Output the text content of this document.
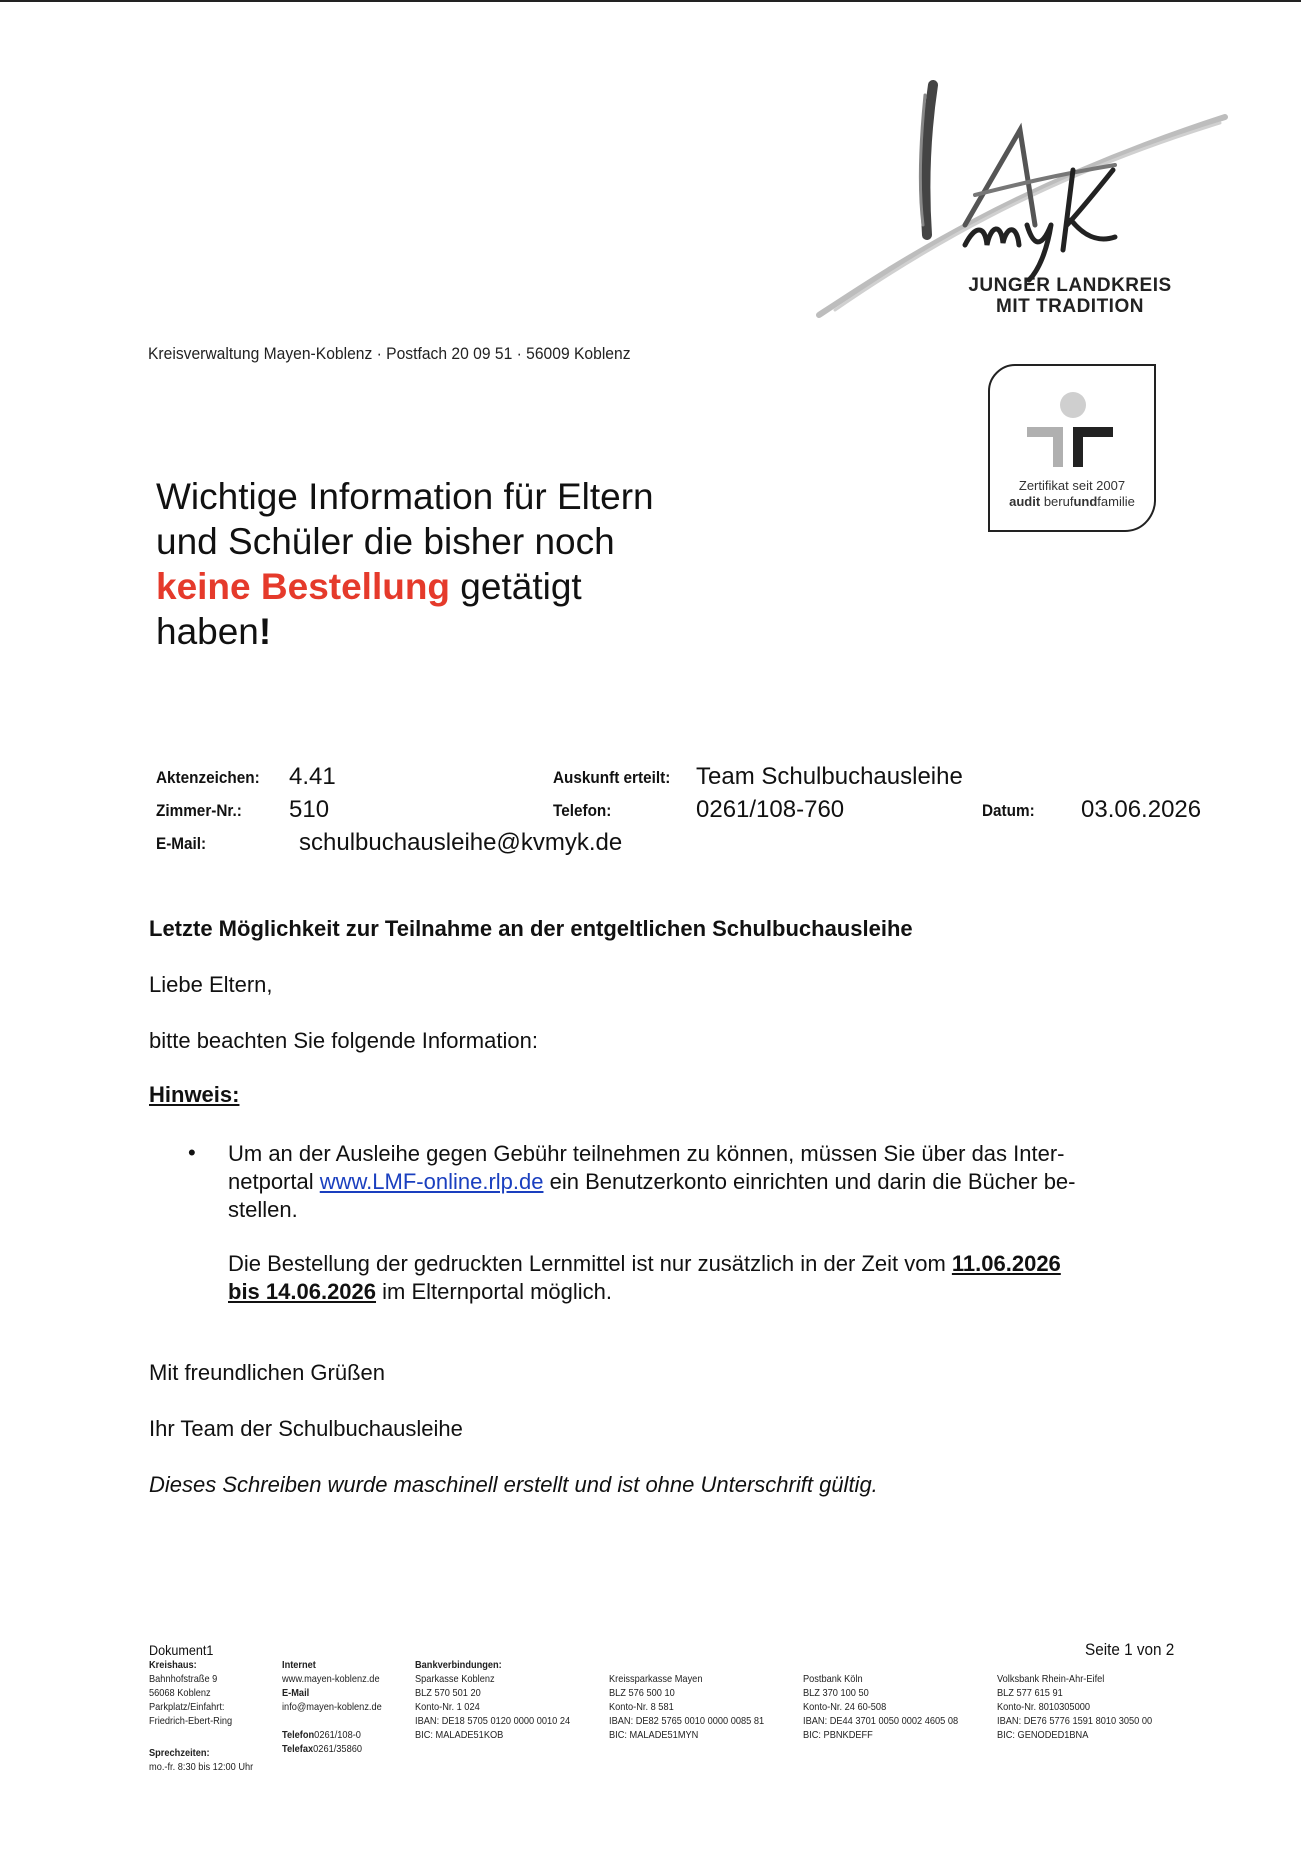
JUNGER LANDKREIS
MIT TRADITION
Zertifikat seit 2007
audit berufundfamilie
Kreisverwaltung Mayen-Koblenz · Postfach 20 09 51 · 56009 Koblenz
Wichtige Information für Eltern
und Schüler die bisher noch
keine Bestellung getätigt
haben!
Aktenzeichen: 4.41	Auskunft erteilt: Team Schulbuchausleihe
Zimmer-Nr.: 510	Telefon:	0261/108-760	Datum: 03.06.2026
E-Mail:	schulbuchausleihe@kvmyk.de
Letzte Möglichkeit zur Teilnahme an der entgeltlichen Schulbuchausleihe
Liebe Eltern,
bitte beachten Sie folgende Information:
Hinweis:
• Um an der Ausleihe gegen Gebühr teilnehmen zu können, müssen Sie über das Inter-
netportal www.LMF-online.rlp.de ein Benutzerkonto einrichten und darin die Bücher be-
stellen.
Die Bestellung der gedruckten Lernmittel ist nur zusätzlich in der Zeit vom 11.06.2026
bis 14.06.2026 im Elternportal möglich.
Mit freundlichen Grüßen
Ihr Team der Schulbuchausleihe
Dieses Schreiben wurde maschinell erstellt und ist ohne Unterschrift gültig.
Dokument1	Seite 1 von 2
Kreishaus:
Bahnhofstraße 9
56068 Koblenz
Parkplatz/Einfahrt:
Friedrich-Ebert-Ring
Sprechzeiten:
mo.-fr. 8:30 bis 12:00 Uhr
Internet
www.mayen-koblenz.de
E-Mail
info@mayen-koblenz.de

Telefon0261/108-0
Telefax0261/35860
Bankverbindungen:
Sparkasse Koblenz
BLZ 570 501 20
Konto-Nr. 1 024
IBAN: DE18 5705 0120 0000 0010 24
BIC: MALADE51KOB
Kreissparkasse Mayen
BLZ 576 500 10
Konto-Nr. 8 581
IBAN: DE82 5765 0010 0000 0085 81
BIC: MALADE51MYN
Postbank Köln
BLZ 370 100 50
Konto-Nr. 24 60-508
IBAN: DE44 3701 0050 0002 4605 08
BIC: PBNKDEFF
Volksbank Rhein-Ahr-Eifel
BLZ 577 615 91
Konto-Nr. 8010305000
IBAN: DE76 5776 1591 8010 3050 00
BIC: GENODED1BNA
